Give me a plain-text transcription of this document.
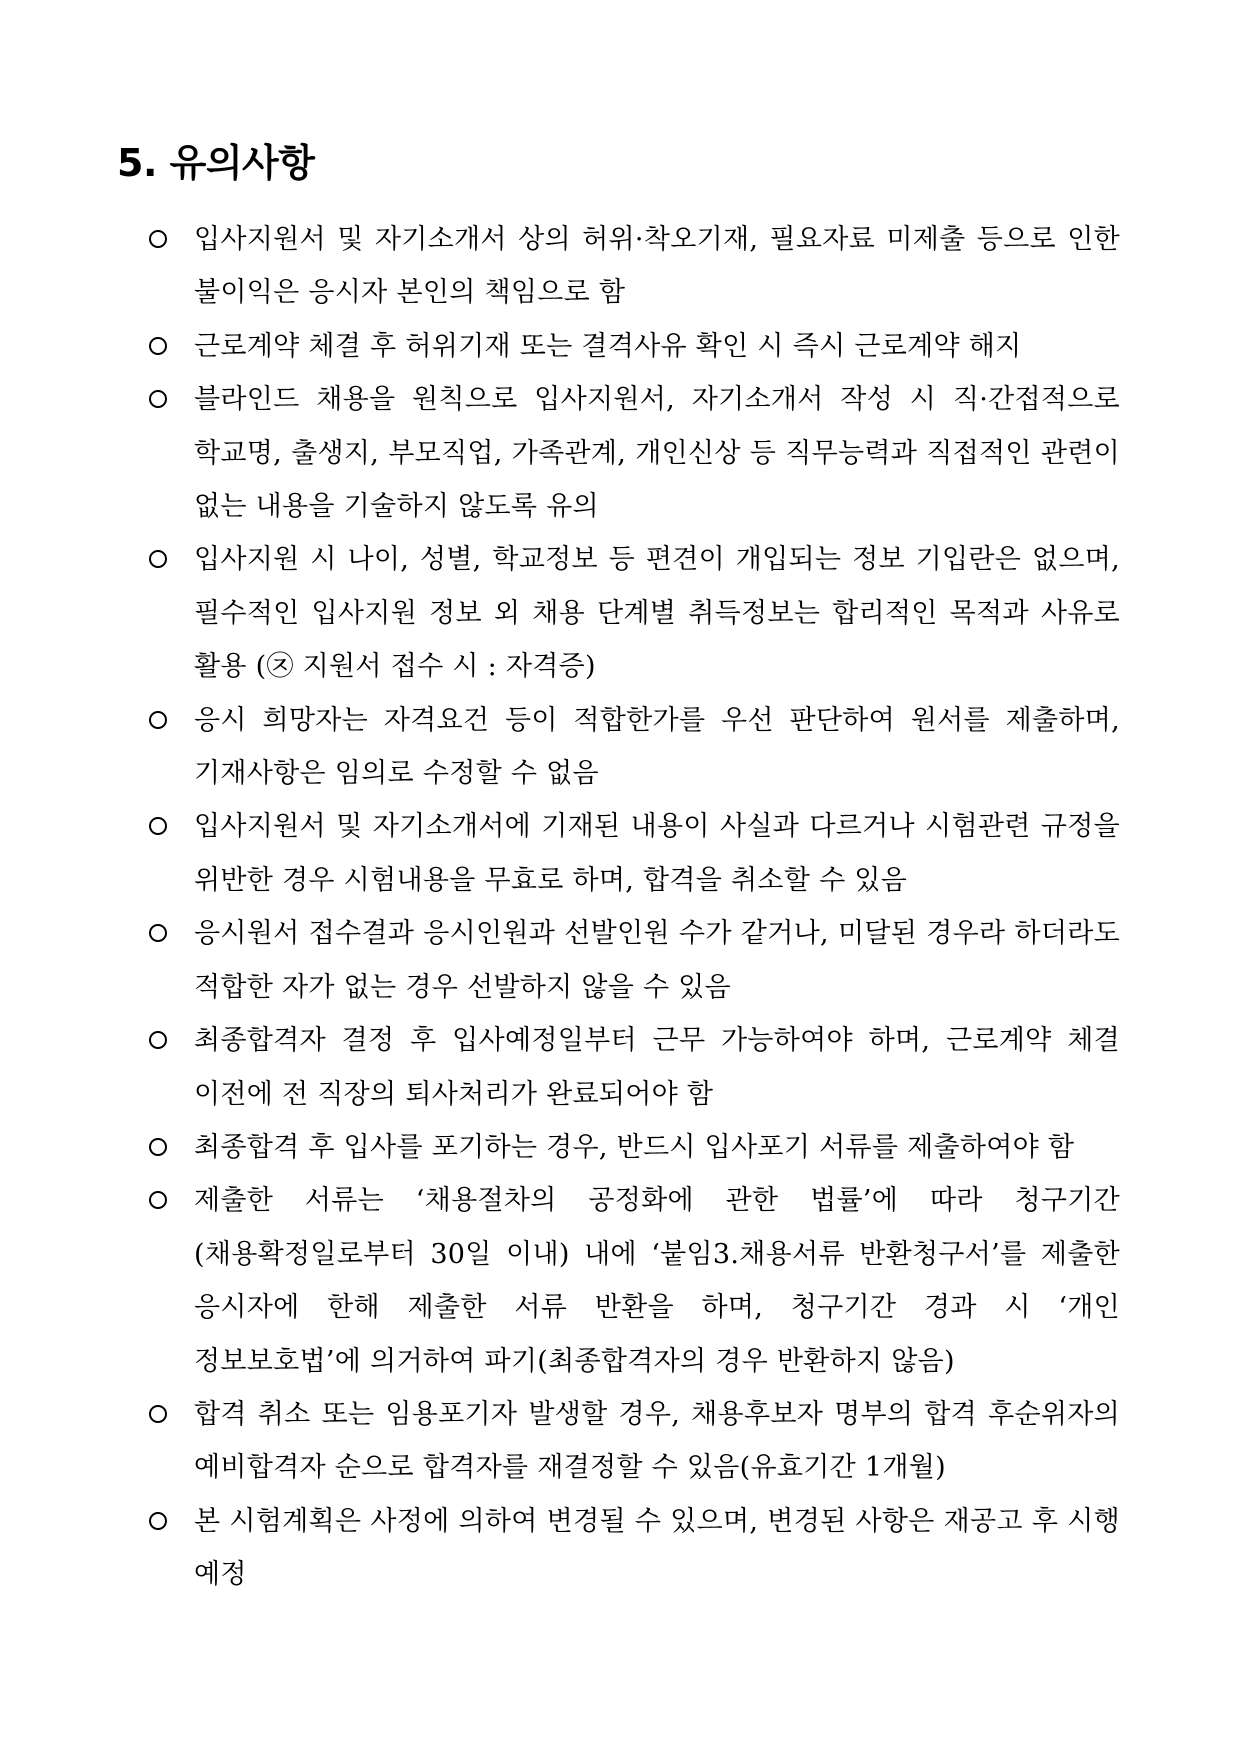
5. 유의사항
입사지원서 및 자기소개서 상의 허위·착오기재, 필요자료 미제출 등으로 인한 불이익은 응시자 본인의 책임으로 함
근로계약 체결 후 허위기재 또는 결격사유 확인 시 즉시 근로계약 해지
블라인드 채용을 원칙으로 입사지원서, 자기소개서 작성 시 직·간접적으로 학교명, 출생지, 부모직업, 가족관계, 개인신상 등 직무능력과 직접적인 관련이 없는 내용을 기술하지 않도록 유의
입사지원 시 나이, 성별, 학교정보 등 편견이 개입되는 정보 기입란은 없으며, 필수적인 입사지원 정보 외 채용 단계별 취득정보는 합리적인 목적과 사유로 활용 (㉨ 지원서 접수 시 : 자격증)
응시 희망자는 자격요건 등이 적합한가를 우선 판단하여 원서를 제출하며, 기재사항은 임의로 수정할 수 없음
입사지원서 및 자기소개서에 기재된 내용이 사실과 다르거나 시험관련 규정을 위반한 경우 시험내용을 무효로 하며, 합격을 취소할 수 있음
응시원서 접수결과 응시인원과 선발인원 수가 같거나, 미달된 경우라 하더라도 적합한 자가 없는 경우 선발하지 않을 수 있음
최종합격자 결정 후 입사예정일부터 근무 가능하여야 하며, 근로계약 체결 이전에 전 직장의 퇴사처리가 완료되어야 함
최종합격 후 입사를 포기하는 경우, 반드시 입사포기 서류를 제출하여야 함
제출한 서류는 ‘채용절차의 공정화에 관한 법률’에 따라 청구기간 (채용확정일로부터 30일 이내) 내에 ‘붙임3.채용서류 반환청구서’를 제출한 응시자에 한해 제출한 서류 반환을 하며, 청구기간 경과 시 ‘개인 정보보호법’에 의거하여 파기(최종합격자의 경우 반환하지 않음)
합격 취소 또는 임용포기자 발생할 경우, 채용후보자 명부의 합격 후순위자의 예비합격자 순으로 합격자를 재결정할 수 있음(유효기간 1개월)
본 시험계획은 사정에 의하여 변경될 수 있으며, 변경된 사항은 재공고 후 시행 예정
